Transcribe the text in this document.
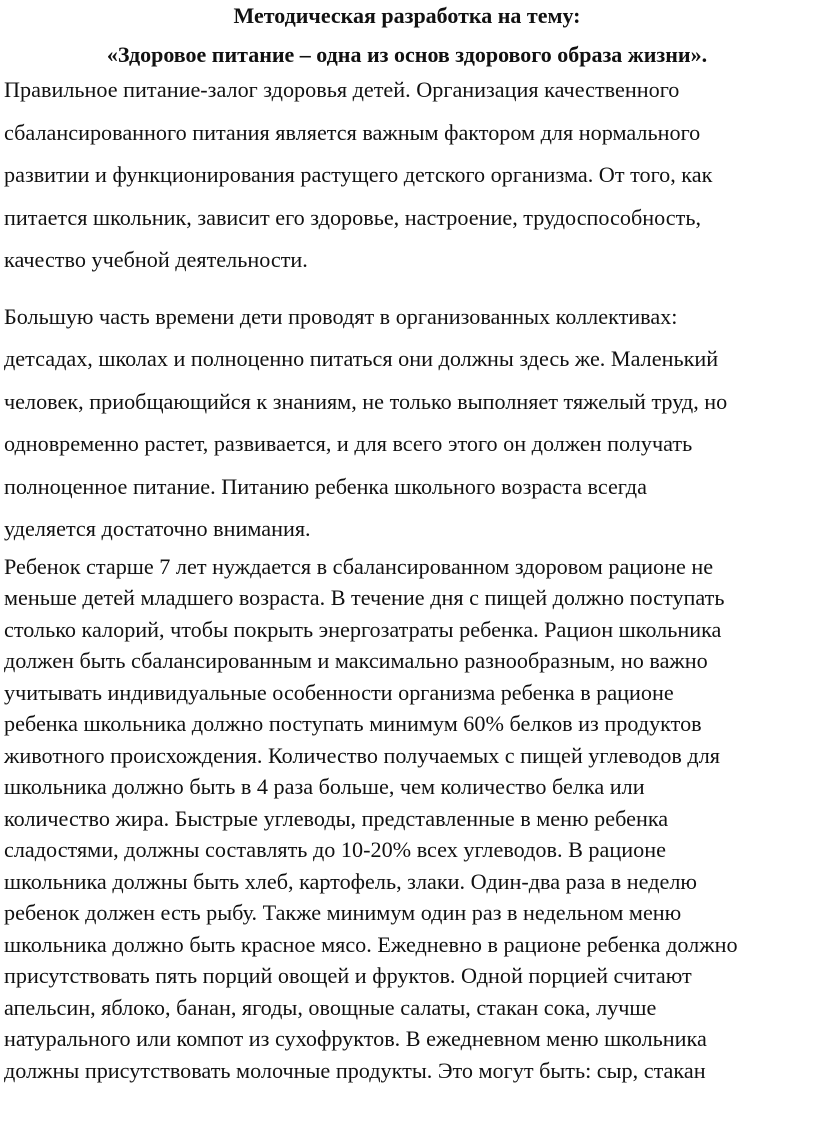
Методическая разработка на тему:

«Здоровое питание – одна из основ здорового образа жизни».

Правильное питание-залог здоровья детей. Организация качественного
сбалансированного питания является важным фактором для нормального
развитии и функционирования растущего детского организма. От того, как
питается школьник, зависит его здоровье, настроение, трудоспособность,
качество учебной деятельности.

Большую часть времени дети проводят в организованных коллективах:
детсадах, школах и полноценно питаться они должны здесь же. Маленький
человек, приобщающийся к знаниям, не только выполняет тяжелый труд, но
одновременно растет, развивается, и для всего этого он должен получать
полноценное питание. Питанию ребенка школьного возраста всегда
уделяется достаточно внимания.

Ребенок старше 7 лет нуждается в сбалансированном здоровом рационе не
меньше детей младшего возраста. В течение дня с пищей должно поступать
столько калорий, чтобы покрыть энергозатраты ребенка. Рацион школьника
должен быть сбалансированным и максимально разнообразным, но важно
учитывать индивидуальные особенности организма ребенка в рационе
ребенка школьника должно поступать минимум 60% белков из продуктов
животного происхождения. Количество получаемых с пищей углеводов для
школьника должно быть в 4 раза больше, чем количество белка или
количество жира. Быстрые углеводы, представленные в меню ребенка
сладостями, должны составлять до 10-20% всех углеводов. В рационе
школьника должны быть хлеб, картофель, злаки. Один-два раза в неделю
ребенок должен есть рыбу. Также минимум один раз в недельном меню
школьника должно быть красное мясо. Ежедневно в рационе ребенка должно
присутствовать пять порций овощей и фруктов. Одной порцией считают
апельсин, яблоко, банан, ягоды, овощные салаты, стакан сока, лучше
натурального или компот из сухофруктов. В ежедневном меню школьника
должны присутствовать молочные продукты. Это могут быть: сыр, стакан
